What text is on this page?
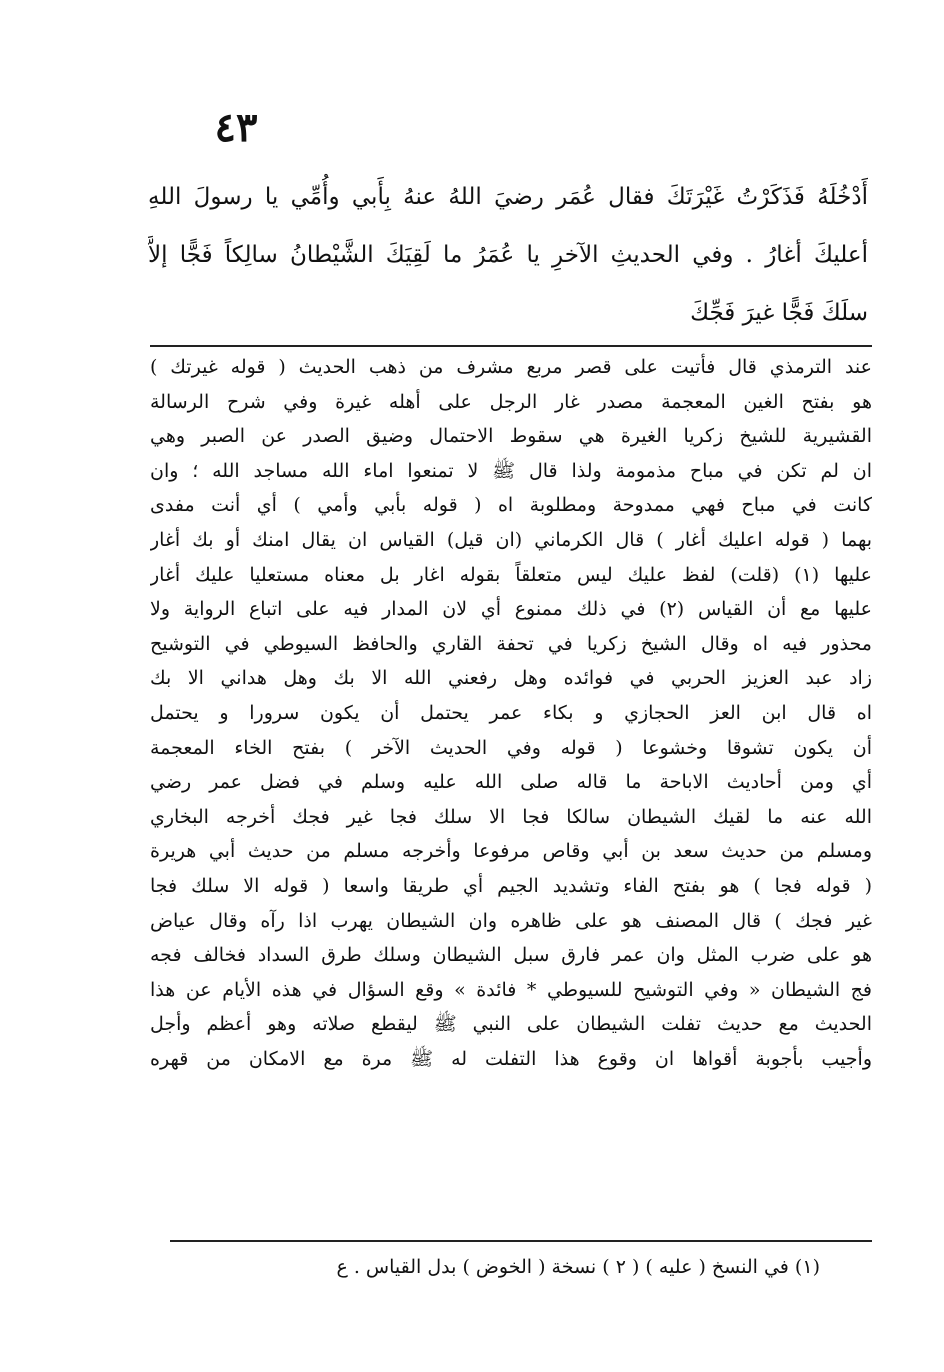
٤٣
أَدْخُلَهُ فَذَكَرْتُ غَيْرَتَكَ فقال عُمَر رضيَ اللهُ عنهُ بِأَبي وأُمِّي يا رسولَ اللهِ
أعليكَ أغارُ . وفي الحديثِ الآخرِ يا عُمَرُ ما لَقِيَكَ الشَّيْطانُ سالِكاً فَجًّا إلاَّ
سلَكَ فَجًّا غيرَ فَجِّكَ
عند الترمذي قال فأتيت على قصر مربع مشرف من ذهب الحديث ( قوله غيرتك )
هو بفتح الغين المعجمة مصدر غار الرجل على أهله غيرة وفي شرح الرسالة
القشيرية للشيخ زكريا الغيرة هي سقوط الاحتمال وضيق الصدر عن الصبر وهي
ان لم تكن في مباح مذمومة ولذا قال ﷺ لا تمنعوا اماء الله مساجد الله ؛ وان
كانت في مباح فهي ممدوحة ومطلوبة اه ( قوله بأبي وأمي ) أي أنت مفدى
بهما ( قوله اعليك أغار ) قال الكرماني (ان قيل) القياس ان يقال امنك أو بك أغار
عليها (١) (قلت) لفظ عليك ليس متعلقاً بقوله اغار بل معناه مستعليا عليك أغار
عليها مع أن القياس (٢) في ذلك ممنوع أي لان المدار فيه على اتباع الرواية ولا
محذور فيه اه وقال الشيخ زكريا في تحفة القاري والحافظ السيوطي في التوشيح
زاد عبد العزيز الحربي في فوائده وهل رفعني الله الا بك وهل هداني الا بك
اه قال ابن العز الحجازي و بكاء عمر يحتمل أن يكون سرورا و يحتمل
أن يكون تشوقا وخشوعا ( قوله وفي الحديث الآخر ) بفتح الخاء المعجمة
أي ومن أحاديث الاباحة ما قاله صلى الله عليه وسلم في فضل عمر رضي
الله عنه ما لقيك الشيطان سالكا فجا الا سلك فجا غير فجك أخرجه البخاري
ومسلم من حديث سعد بن أبي وقاص مرفوعا وأخرجه مسلم من حديث أبي هريرة
( قوله فجا ) هو بفتح الفاء وتشديد الجيم أي طريقا واسعا ( قوله الا سلك فجا
غير فجك ) قال المصنف هو على ظاهره وان الشيطان يهرب اذا رآه وقال عياض
هو على ضرب المثل وان عمر فارق سبل الشيطان وسلك طرق السداد فخالف فجه
فج الشيطان « وفي التوشيح للسيوطي * فائدة » وقع السؤال في هذه الأيام عن هذا
الحديث مع حديث تفلت الشيطان على النبي ﷺ ليقطع صلاته وهو أعظم وأجل
وأجيب بأجوبة أقواها ان وقوع هذا التفلت له ﷺ مرة مع الامكان من قهره
(١) في النسخ ( عليه ) ( ٢ ) نسخة ( الخوض ) بدل القياس . ع
